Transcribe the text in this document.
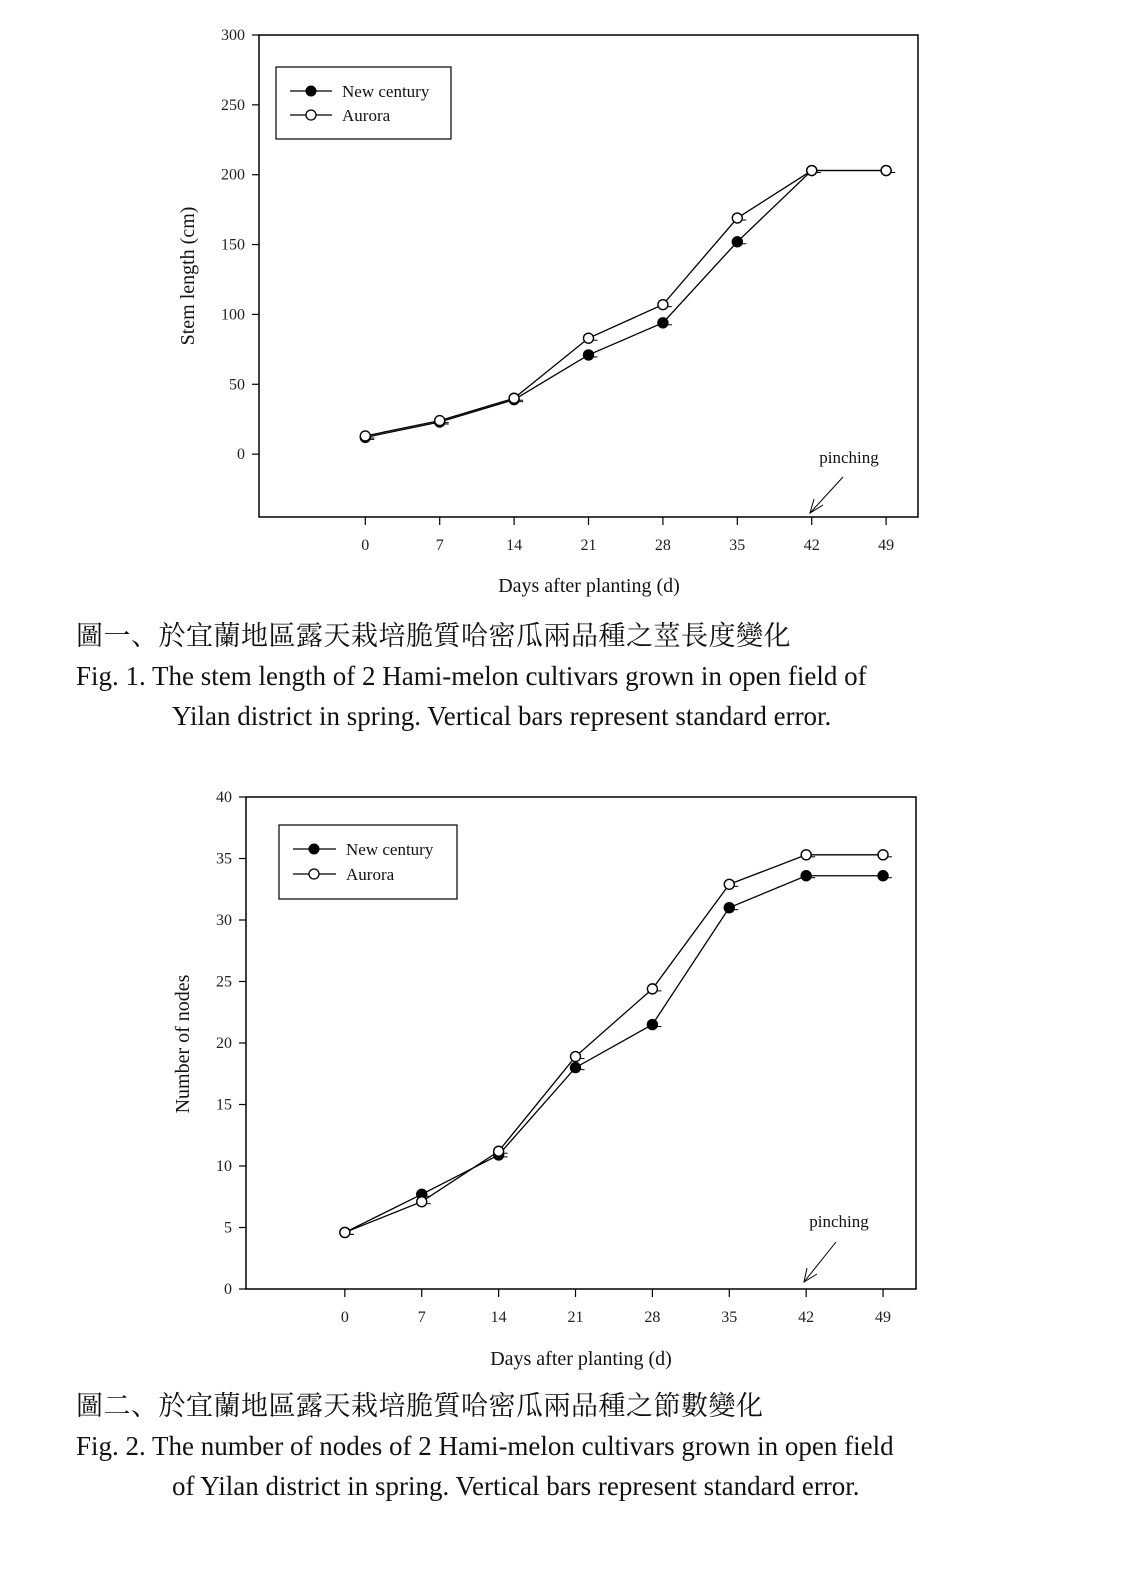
0
50
100
150
200
250
300
0	7	14	21	28	35	42	49
Days after planting (d)
Stem length (cm)
New century
Aurora
pinching
圖一、於宜蘭地區露天栽培脆質哈密瓜兩品種之莖長度變化
Fig. 1. The stem length of 2 Hami-melon cultivars grown in open field of
Yilan district in spring. Vertical bars represent standard error.
0
5
10
15
20
25
30
35
40
0	7	14	21	28	35	42	49
Days after planting (d)
Number of nodes
New century
Aurora
pinching
圖二、於宜蘭地區露天栽培脆質哈密瓜兩品種之節數變化
Fig. 2. The number of nodes of 2 Hami-melon cultivars grown in open field
of Yilan district in spring. Vertical bars represent standard error.
